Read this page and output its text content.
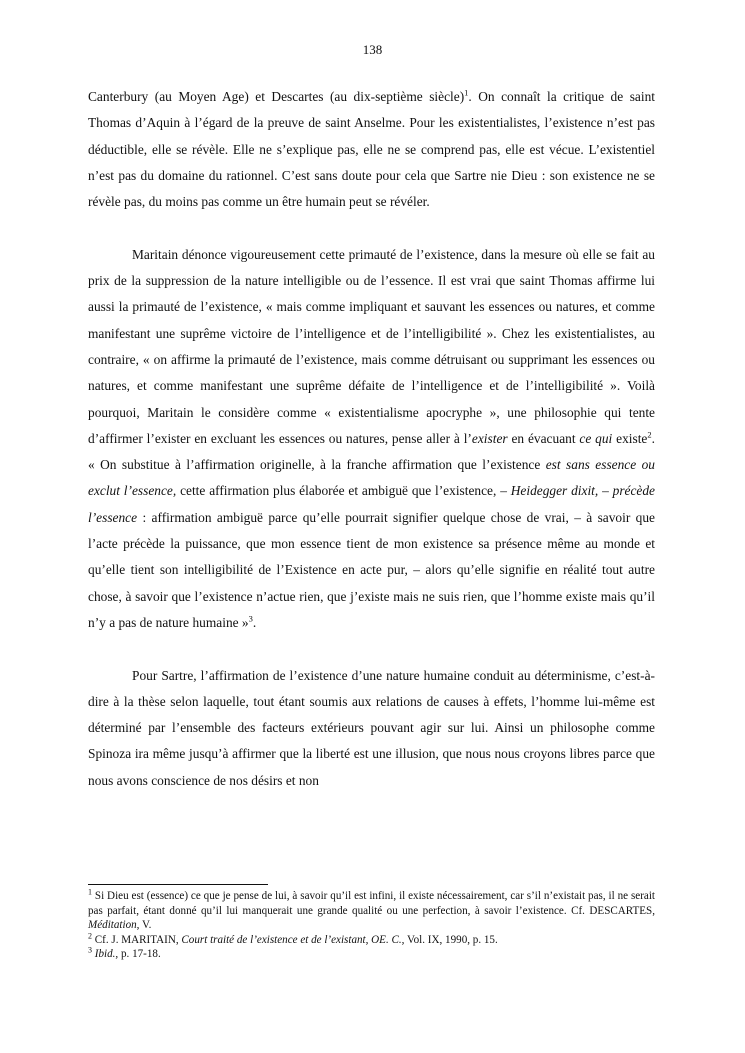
138

Canterbury (au Moyen Age) et Descartes (au dix-septième siècle)$^1$. On connaît la critique de saint Thomas d’Aquin à l’égard de la preuve de saint Anselme. Pour les existentialistes, l’existence n’est pas déductible, elle se révèle. Elle ne s’explique pas, elle ne se comprend pas, elle est vécue. L’existentiel n’est pas du domaine du rationnel. C’est sans doute pour cela que Sartre nie Dieu : son existence ne se révèle pas, du moins pas comme un être humain peut se révéler.

Maritain dénonce vigoureusement cette primauté de l’existence, dans la mesure où elle se fait au prix de la suppression de la nature intelligible ou de l’essence. Il est vrai que saint Thomas affirme lui aussi la primauté de l’existence, « mais comme impliquant et sauvant les essences ou natures, et comme manifestant une suprême victoire de l’intelligence et de l’intelligibilité ». Chez les existentialistes, au contraire, « on affirme la primauté de l’existence, mais comme détruisant ou supprimant les essences ou natures, et comme manifestant une suprême défaite de l’intelligence et de l’intelligibilité ». Voilà pourquoi, Maritain le considère comme « existentialisme apocryphe », une philosophie qui tente d’affirmer l’exister en excluant les essences ou natures, pense aller à l’exister en évacuant ce qui existe$^2$. « On substitue à l’affirmation originelle, à la franche affirmation que l’existence est sans essence ou exclut l’essence, cette affirmation plus élaborée et ambiguë que l’existence, – Heidegger dixit, – précède l’essence : affirmation ambiguë parce qu’elle pourrait signifier quelque chose de vrai, – à savoir que l’acte précède la puissance, que mon essence tient de mon existence sa présence même au monde et qu’elle tient son intelligibilité de l’Existence en acte pur, – alors qu’elle signifie en réalité tout autre chose, à savoir que l’existence n’actue rien, que j’existe mais ne suis rien, que l’homme existe mais qu’il n’y a pas de nature humaine »$^3$.

Pour Sartre, l’affirmation de l’existence d’une nature humaine conduit au déterminisme, c’est-à-dire à la thèse selon laquelle, tout étant soumis aux relations de causes à effets, l’homme lui-même est déterminé par l’ensemble des facteurs extérieurs pouvant agir sur lui. Ainsi un philosophe comme Spinoza ira même jusqu’à affirmer que la liberté est une illusion, que nous nous croyons libres parce que nous avons conscience de nos désirs et non

$^1$ Si Dieu est (essence) ce que je pense de lui, à savoir qu’il est infini, il existe nécessairement, car s’il n’existait pas, il ne serait pas parfait, étant donné qu’il lui manquerait une grande qualité ou une perfection, à savoir l’existence. Cf. DESCARTES, Méditation, V.

$^2$ Cf. J. MARITAIN, Court traité de l’existence et de l’existant, OE. C., Vol. IX, 1990, p. 15.

$^3$ Ibid., p. 17-18.
